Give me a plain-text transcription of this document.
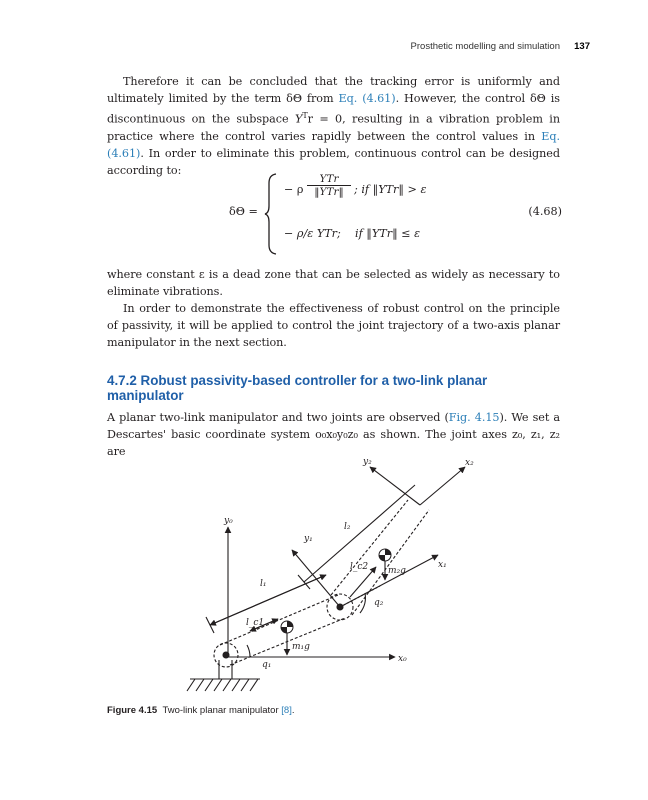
Prosthetic modelling and simulation 137
Therefore it can be concluded that the tracking error is uniformly and ultimately limited by the term δΘ from Eq. (4.61). However, the control δΘ is discontinuous on the subspace $Y^Tr = 0$, resulting in a vibration problem in practice where the control varies rapidly between the control values in Eq. (4.61). In order to eliminate this problem, continuous control can be designed according to:
δΘ =
− ρ
YTr
‖YTr‖ ; if ‖YTr‖ > ε
− ρ/ε YTr; if ‖YTr‖ ≤ ε
(4.68)
where constant ε is a dead zone that can be selected as widely as necessary to eliminate vibrations.
In order to demonstrate the effectiveness of robust control on the principle of passivity, it will be applied to control the joint trajectory of a two-axis planar manipulator in the next section.
4.7.2 Robust passivity-based controller for a two-link planar manipulator
A planar two-link manipulator and two joints are observed (Fig. 4.15). We set a Descartes' basic coordinate system o₀x₀y₀z₀ as shown. The joint axes z₀, z₁, z₂ are
y₀
x₀
y₁
x₁
y₂	x₂
l₁
l₂
l_c1
l_c2
m₁g
m₂g
q₁
q₂
Figure 4.15 Two-link planar manipulator [8].
